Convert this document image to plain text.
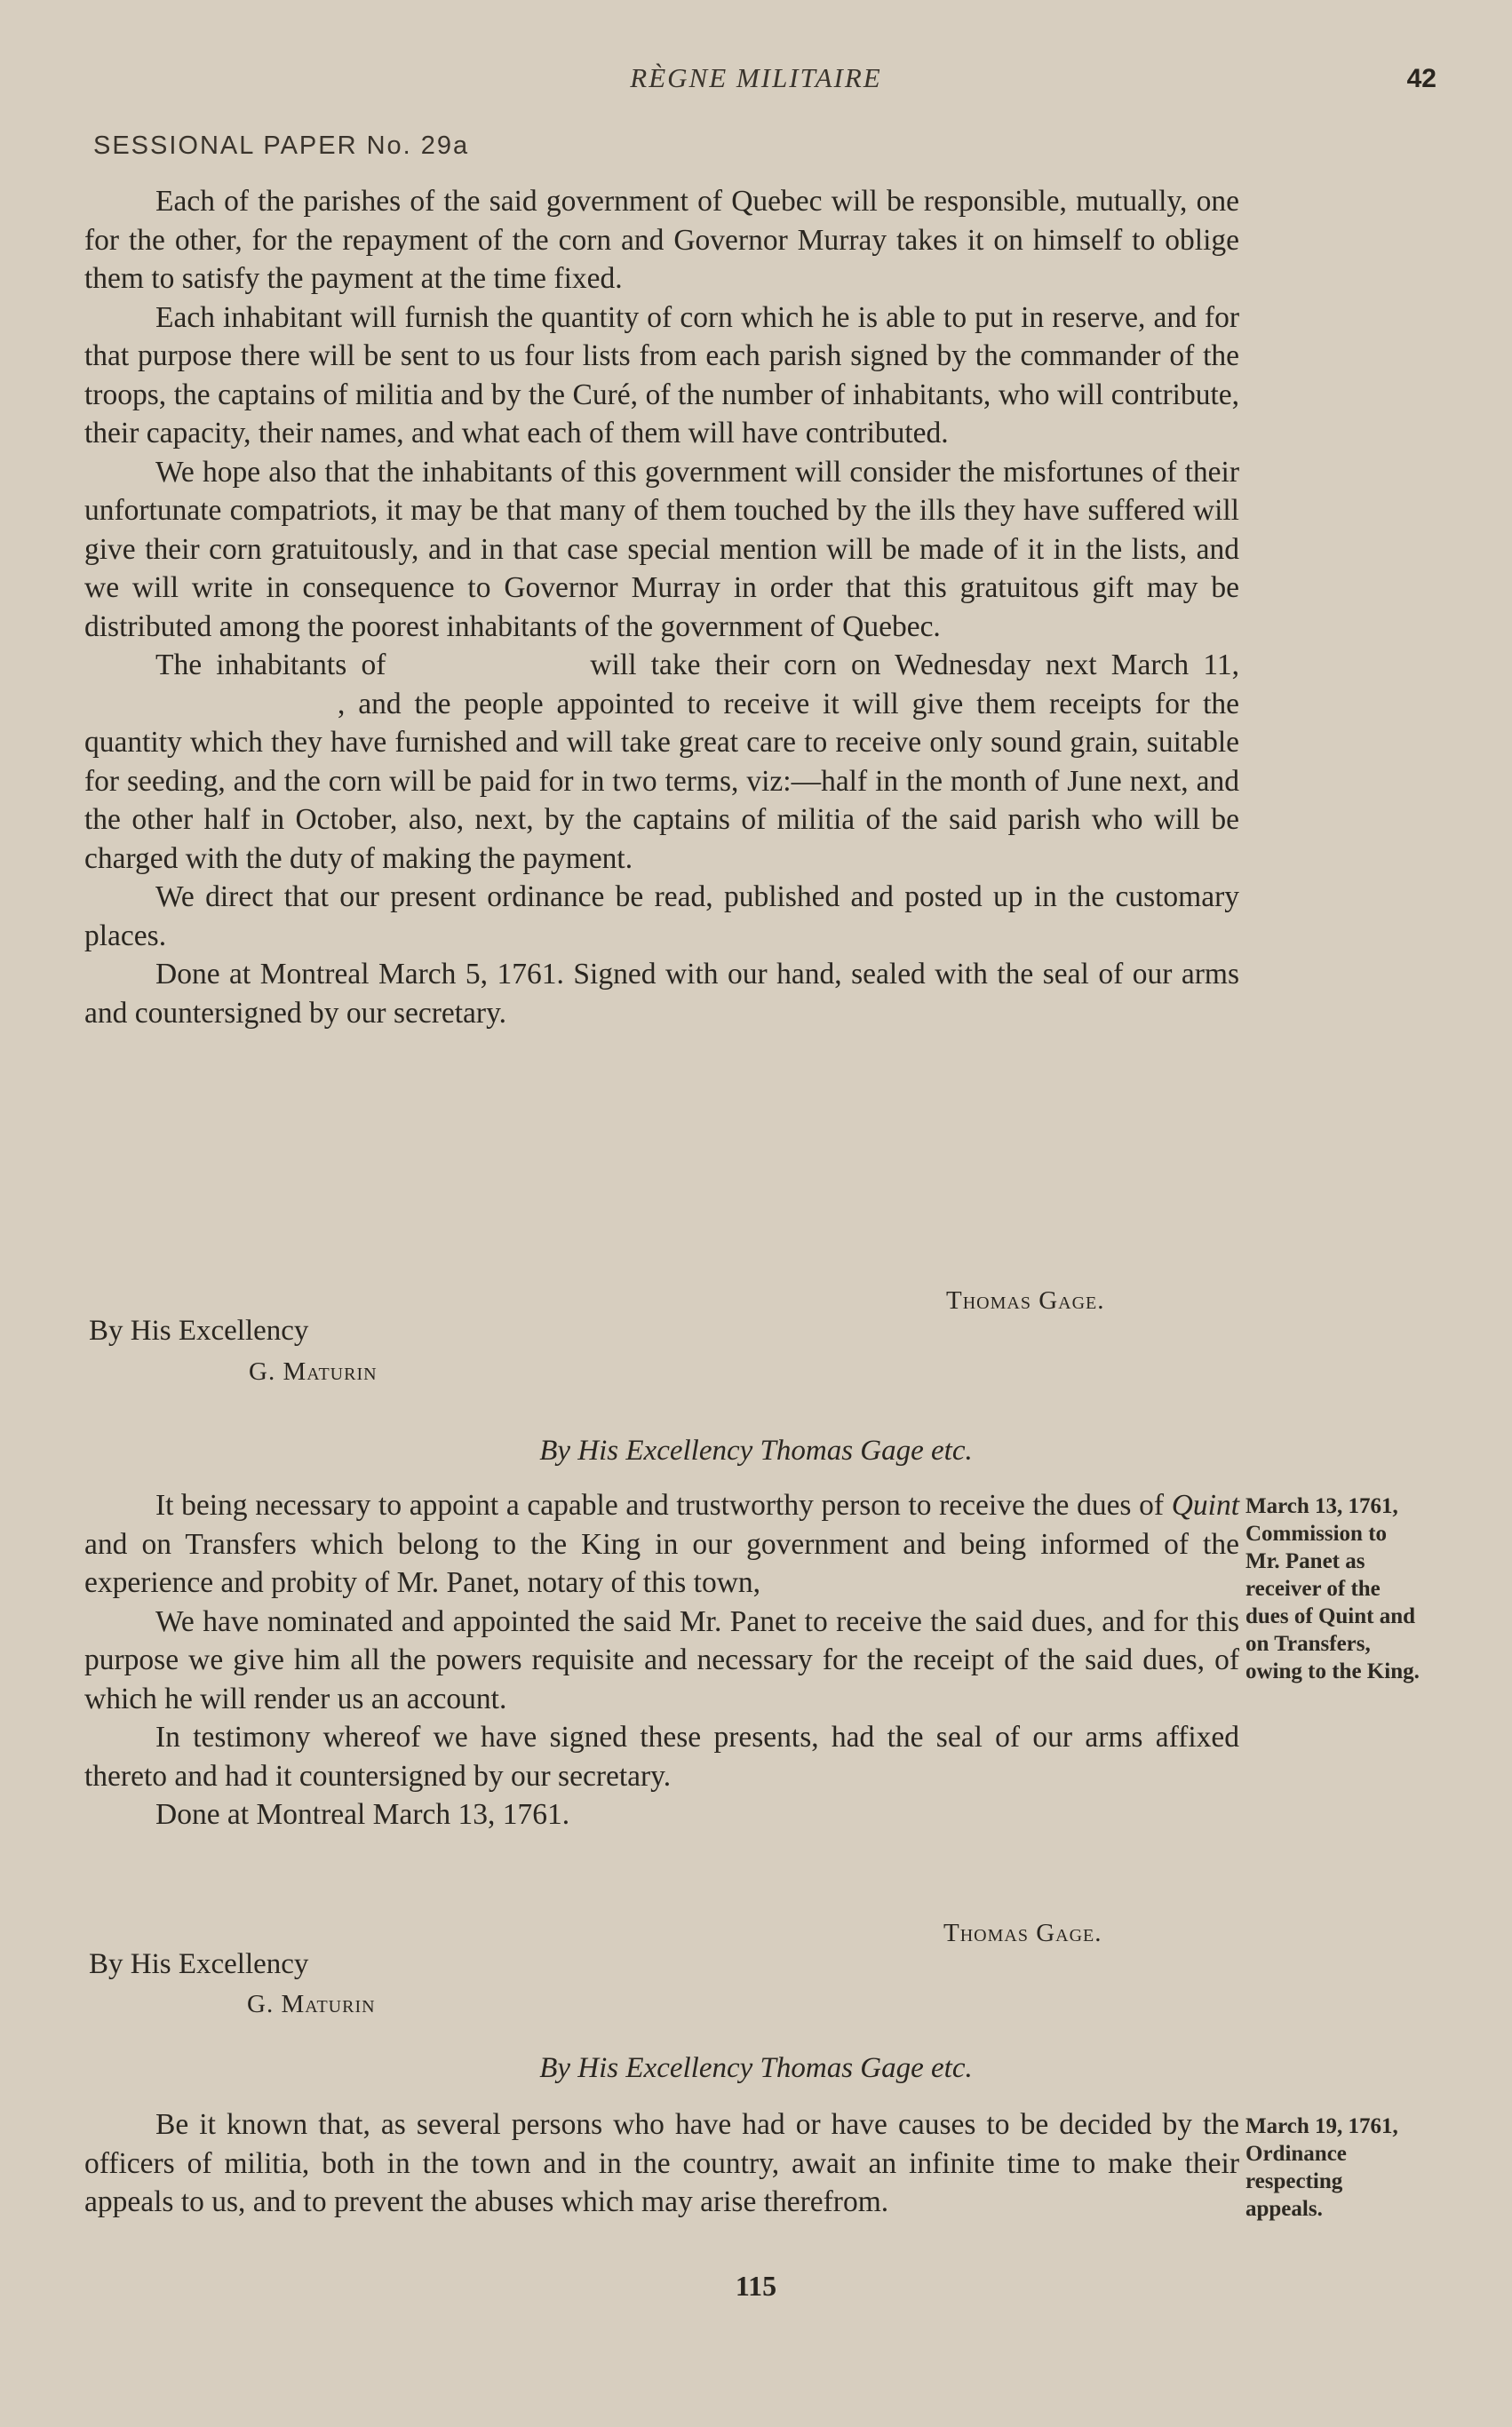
RÈGNE MILITAIRE	42
SESSIONAL PAPER No. 29a

Each of the parishes of the said government of Quebec will be responsible, mutually, one for the other, for the repayment of the corn and Governor Murray takes it on himself to oblige them to satisfy the payment at the time fixed.

Each inhabitant will furnish the quantity of corn which he is able to put in reserve, and for that purpose there will be sent to us four lists from each parish signed by the commander of the troops, the captains of militia and by the Curé, of the number of inhabitants, who will contribute, their capacity, their names, and what each of them will have contributed.

We hope also that the inhabitants of this government will consider the misfortunes of their unfortunate compatriots, it may be that many of them touched by the ills they have suffered will give their corn gratuitously, and in that case special mention will be made of it in the lists, and we will write in consequence to Governor Murray in order that this gratuitous gift may be distributed among the poorest inhabitants of the government of Quebec.

The inhabitants of	will take their corn on Wednesday next March 11,, and the people appointed to receive it will give them receipts for the quantity which they have furnished and will take great care to receive only sound grain, suitable for seeding, and the corn will be paid for in two terms, viz:—half in the month of June next, and the other half in October, also, next, by the captains of militia of the said parish who will be charged with the duty of making the payment.

We direct that our present ordinance be read, published and posted up in the customary places.

Done at Montreal March 5, 1761. Signed with our hand, sealed with the seal of our arms and countersigned by our secretary.

Thomas Gage.
By His Excellency
G. Maturin
By His Excellency Thomas Gage etc.

It being necessary to appoint a capable and trustworthy person to receive the dues of Quint and on Transfers which belong to the King in our government and being informed of the experience and probity of Mr. Panet, notary of this town,

We have nominated and appointed the said Mr. Panet to receive the said dues, and for this purpose we give him all the powers requisite and necessary for the receipt of the said dues, of which he will render us an account.

In testimony whereof we have signed these presents, had the seal of our arms affixed thereto and had it countersigned by our secretary.

Done at Montreal March 13, 1761.

March 13, 1761, Commission to Mr. Panet as receiver of the dues of Quint and on Transfers, owing to the King.
Thomas Gage.
By His Excellency
G. Maturin
By His Excellency Thomas Gage etc.

Be it known that, as several persons who have had or have causes to be decided by the officers of militia, both in the town and in the country, await an infinite time to make their appeals to us, and to prevent the abuses which may arise therefrom.

March 19, 1761, Ordinance respecting appeals.
115
